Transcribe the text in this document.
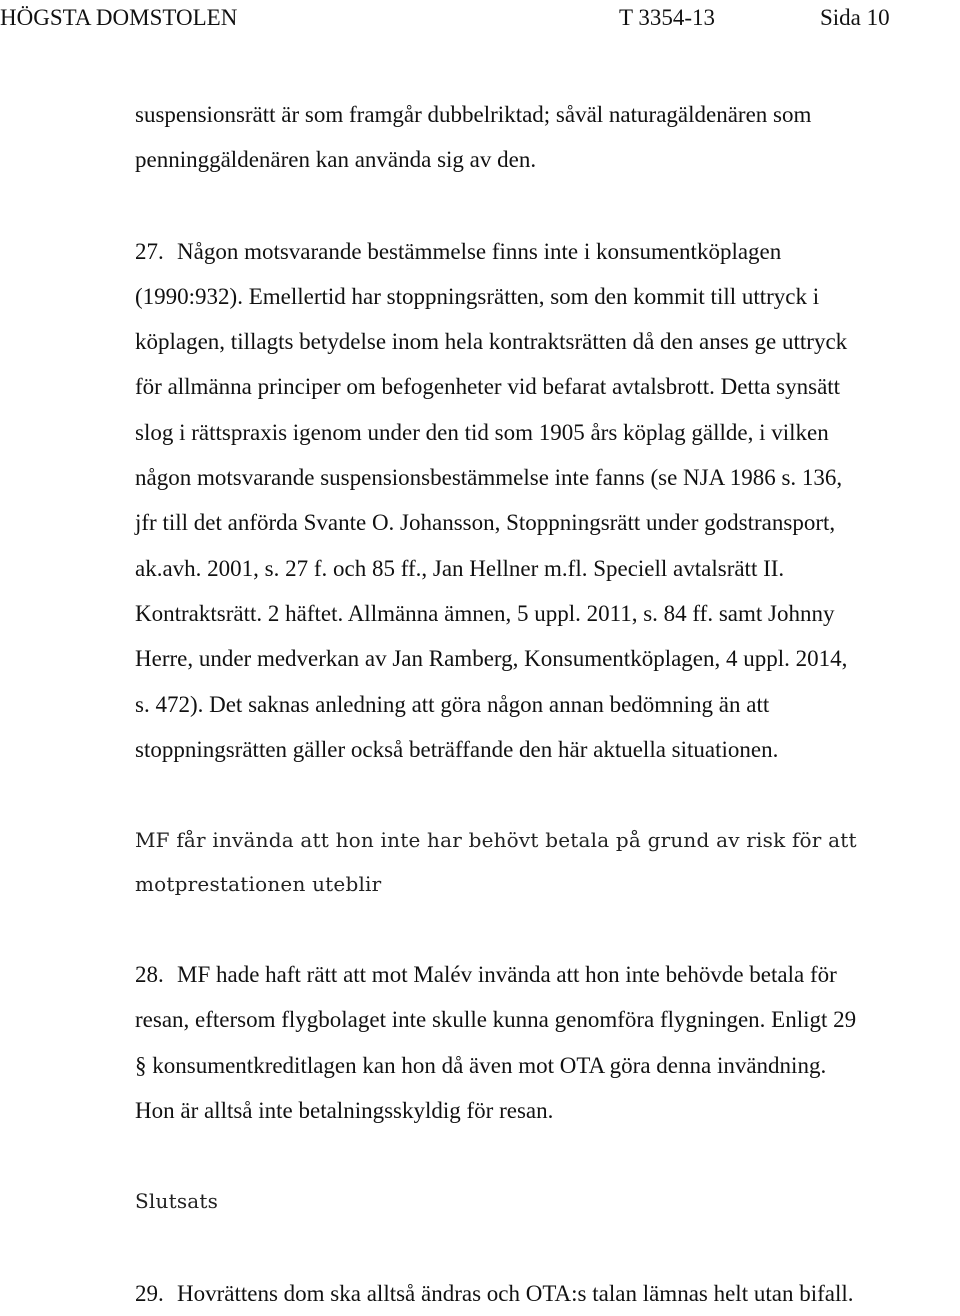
HÖGSTA DOMSTOLEN	T 3354-13	Sida 10

suspensionsrätt är som framgår dubbelriktad; såväl naturagäldenären som
penninggäldenären kan använda sig av den.

27. Någon motsvarande bestämmelse finns inte i konsumentköplagen
(1990:932). Emellertid har stoppningsrätten, som den kommit till uttryck i
köplagen, tillagts betydelse inom hela kontraktsrätten då den anses ge uttryck
för allmänna principer om befogenheter vid befarat avtalsbrott. Detta synsätt
slog i rättspraxis igenom under den tid som 1905 års köplag gällde, i vilken
någon motsvarande suspensionsbestämmelse inte fanns (se NJA 1986 s. 136,
jfr till det anförda Svante O. Johansson, Stoppningsrätt under godstransport,
ak.avh. 2001, s. 27 f. och 85 ff., Jan Hellner m.fl. Speciell avtalsrätt II.
Kontraktsrätt. 2 häftet. Allmänna ämnen, 5 uppl. 2011, s. 84 ff. samt Johnny
Herre, under medverkan av Jan Ramberg, Konsumentköplagen, 4 uppl. 2014,
s. 472). Det saknas anledning att göra någon annan bedömning än att
stoppningsrätten gäller också beträffande den här aktuella situationen.

MF får invända att hon inte har behövt betala på grund av risk för att
motprestationen uteblir

28. MF hade haft rätt att mot Malév invända att hon inte behövde betala för
resan, eftersom flygbolaget inte skulle kunna genomföra flygningen. Enligt 29
§ konsumentkreditlagen kan hon då även mot OTA göra denna invändning.
Hon är alltså inte betalningsskyldig för resan.

Slutsats

29. Hovrättens dom ska alltså ändras och OTA:s talan lämnas helt utan bifall.
